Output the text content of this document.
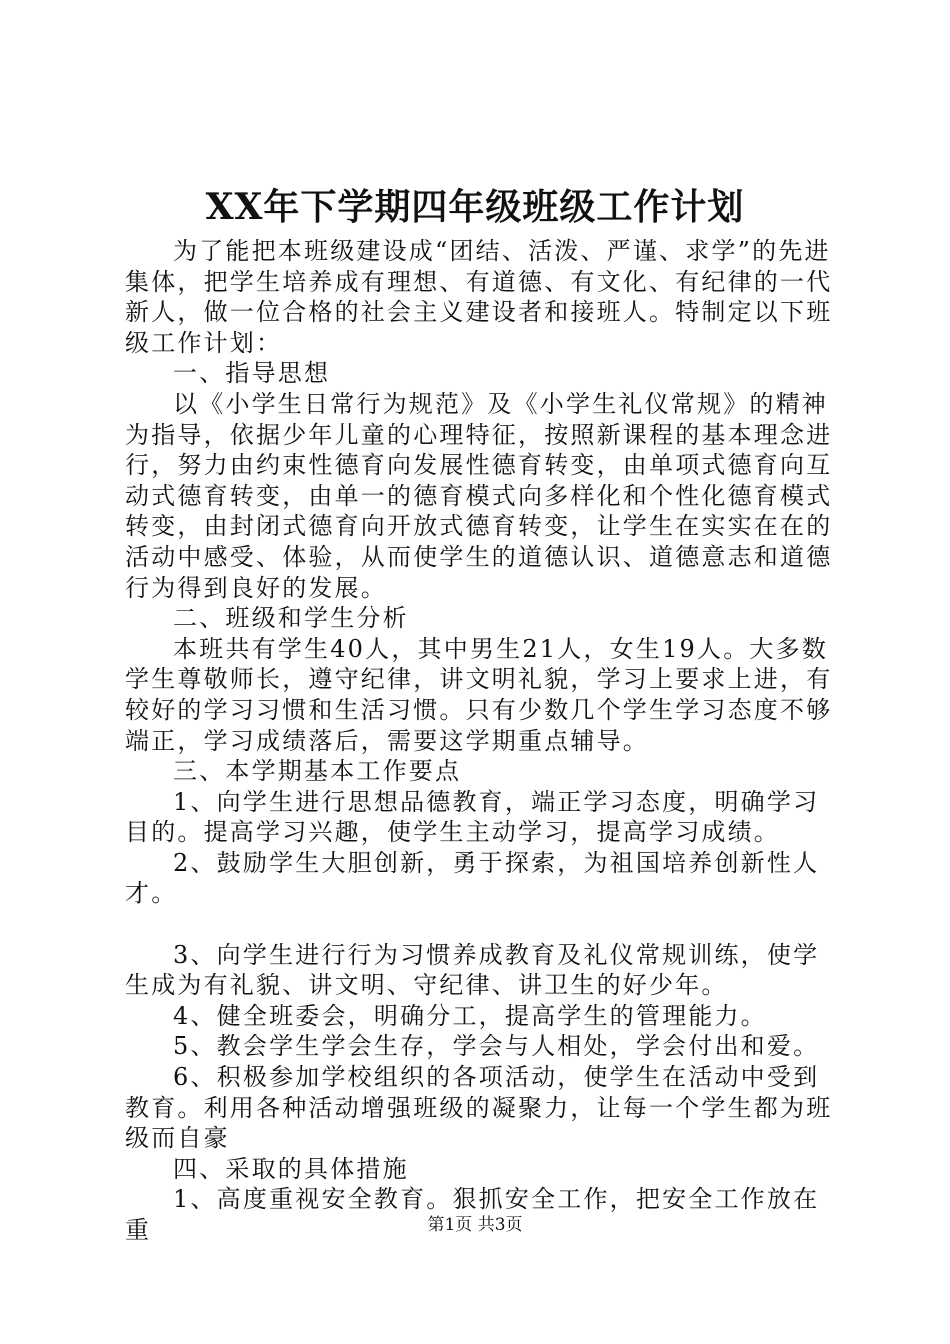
XX年下学期四年级班级工作计划

为了能把本班级建设成“团结、活泼、严谨、求学”的先进集体，把学生培养成有理想、有道德、有文化、有纪律的一代新人，做一位合格的社会主义建设者和接班人。特制定以下班级工作计划：

一、指导思想

以《小学生日常行为规范》及《小学生礼仪常规》的精神为指导，依据少年儿童的心理特征，按照新课程的基本理念进行，努力由约束性德育向发展性德育转变，由单项式德育向互动式德育转变，由单一的德育模式向多样化和个性化德育模式转变，由封闭式德育向开放式德育转变，让学生在实实在在的活动中感受、体验，从而使学生的道德认识、道德意志和道德行为得到良好的发展。

二、班级和学生分析

本班共有学生40人，其中男生21人，女生19人。大多数学生尊敬师长，遵守纪律，讲文明礼貌，学习上要求上进，有较好的学习习惯和生活习惯。只有少数几个学生学习态度不够端正，学习成绩落后，需要这学期重点辅导。

三、本学期基本工作要点

1、向学生进行思想品德教育，端正学习态度，明确学习目的。提高学习兴趣，使学生主动学习，提高学习成绩。

2、鼓励学生大胆创新，勇于探索，为祖国培养创新性人才。

3、向学生进行行为习惯养成教育及礼仪常规训练，使学生成为有礼貌、讲文明、守纪律、讲卫生的好少年。

4、健全班委会，明确分工，提高学生的管理能力。

5、教会学生学会生存，学会与人相处，学会付出和爱。

6、积极参加学校组织的各项活动，使学生在活动中受到教育。利用各种活动增强班级的凝聚力，让每一个学生都为班级而自豪

四、采取的具体措施

1、高度重视安全教育。狠抓安全工作，把安全工作放在重	第1页 共3页
